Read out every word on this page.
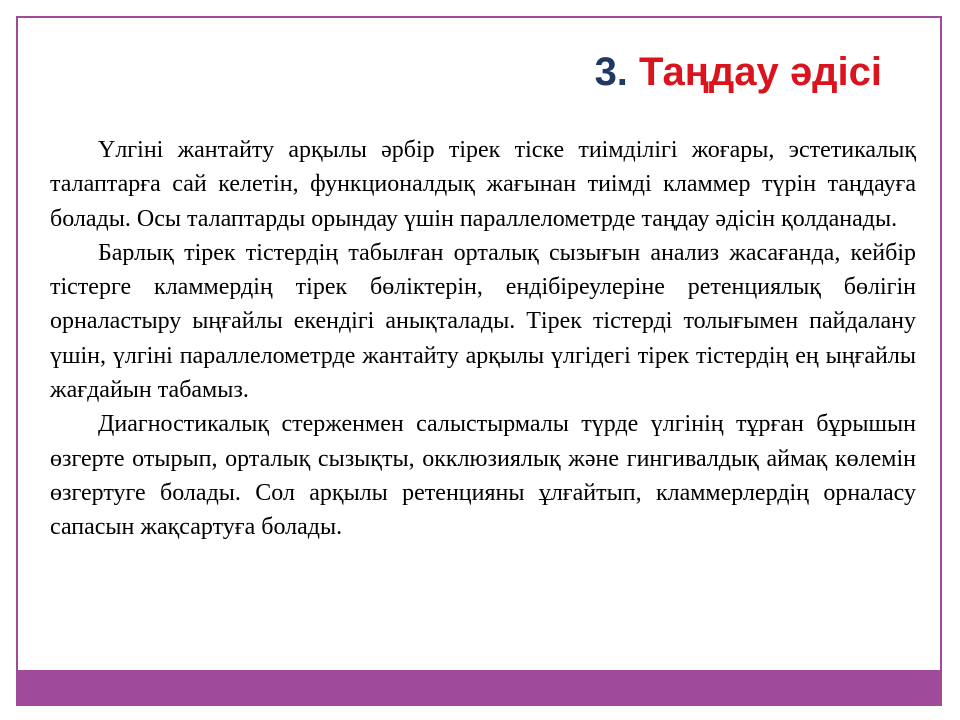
3. Таңдау әдісі

Үлгіні жантайту арқылы әрбір тірек тіске тиімділігі жоғары, эстетикалық талаптарға сай келетін, функционалдық жағынан тиімді кламмер түрін таңдауға болады. Осы талаптарды орындау үшін параллелометрде таңдау әдісін қолданады.

Барлық тірек тістердің табылған орталық сызығын анализ жасағанда, кейбір тістерге кламмердің тірек бөліктерін, ендібіреулеріне ретенциялық бөлігін орналастыру ыңғайлы екендігі анықталады. Тірек тістерді толығымен пайдалану үшін, үлгіні параллелометрде жантайту арқылы үлгідегі тірек тістердің ең ыңғайлы жағдайын табамыз.

Диагностикалық стерженмен салыстырмалы түрде үлгінің тұрған бұрышын өзгерте отырып, орталық сызықты, окклюзиялық және гингивалдық аймақ көлемін өзгертуге болады. Сол арқылы ретенцияны ұлғайтып, кламмерлердің орналасу сапасын жақсартуға болады.
